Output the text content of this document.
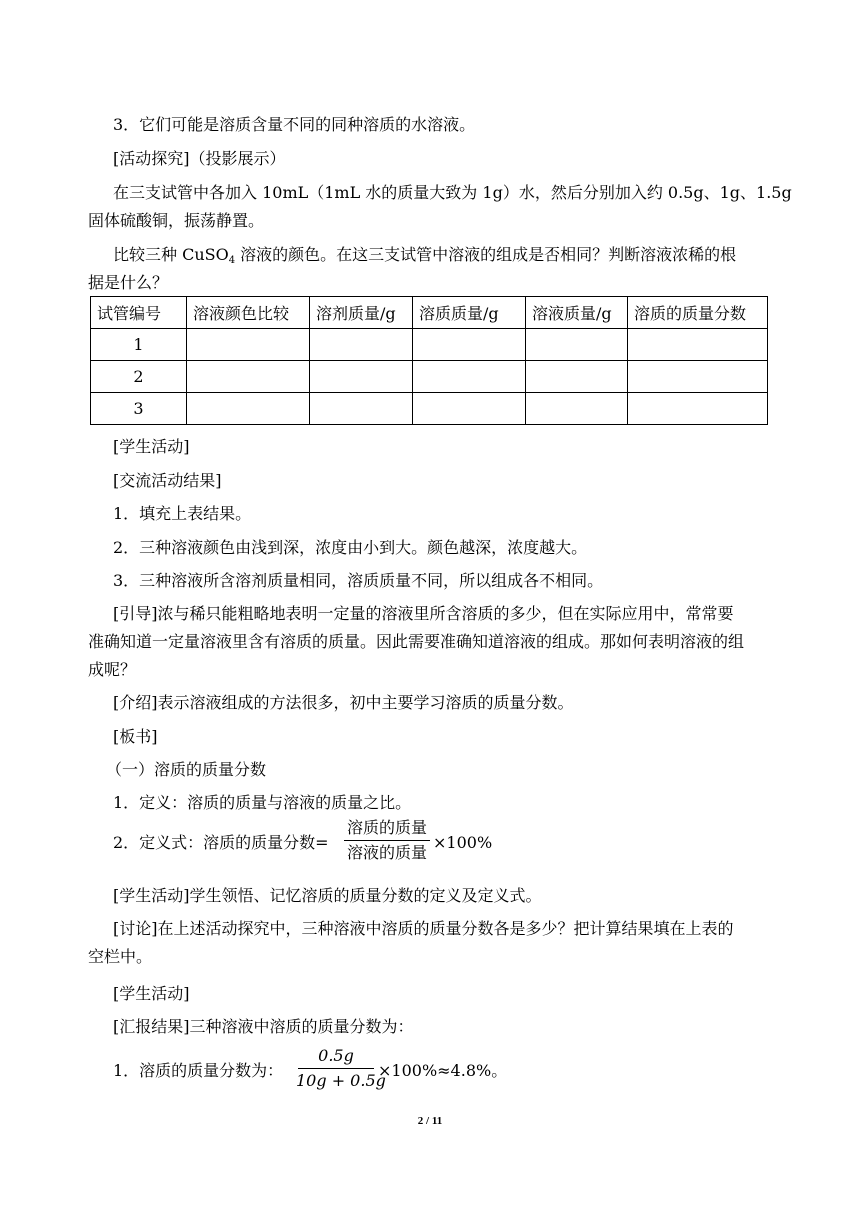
3．它们可能是溶质含量不同的同种溶质的水溶液。
[活动探究]（投影展示）
在三支试管中各加入 10mL（1mL 水的质量大致为 1g）水，然后分别加入约 0.5g、1g、1.5g
固体硫酸铜，振荡静置。
比较三种 CuSO$_4$ 溶液的颜色。在这三支试管中溶液的组成是否相同？判断溶液浓稀的根
据是什么？
试管编号	溶液颜色比较	溶剂质量/g	溶质质量/g	溶液质量/g	溶质的质量分数
1					
2					
3					
[学生活动]
[交流活动结果]
1．填充上表结果。
2．三种溶液颜色由浅到深，浓度由小到大。颜色越深，浓度越大。
3．三种溶液所含溶剂质量相同，溶质质量不同，所以组成各不相同。
[引导]浓与稀只能粗略地表明一定量的溶液里所含溶质的多少，但在实际应用中，常常要
准确知道一定量溶液里含有溶质的质量。因此需要准确知道溶液的组成。那如何表明溶液的组
成呢？
[介绍]表示溶液组成的方法很多，初中主要学习溶质的质量分数。
[板书]
（一）溶质的质量分数
1．定义：溶质的质量与溶液的质量之比。
2．定义式：溶质的质量分数=
溶质的质量
溶液的质量
×100%
[学生活动]学生领悟、记忆溶质的质量分数的定义及定义式。
[讨论]在上述活动探究中，三种溶液中溶质的质量分数各是多少？把计算结果填在上表的
空栏中。
[学生活动]
[汇报结果]三种溶液中溶质的质量分数为：
1．溶质的质量分数为：
0.5g
10g + 0.5g
×100%≈4.8%。
2 / 11
